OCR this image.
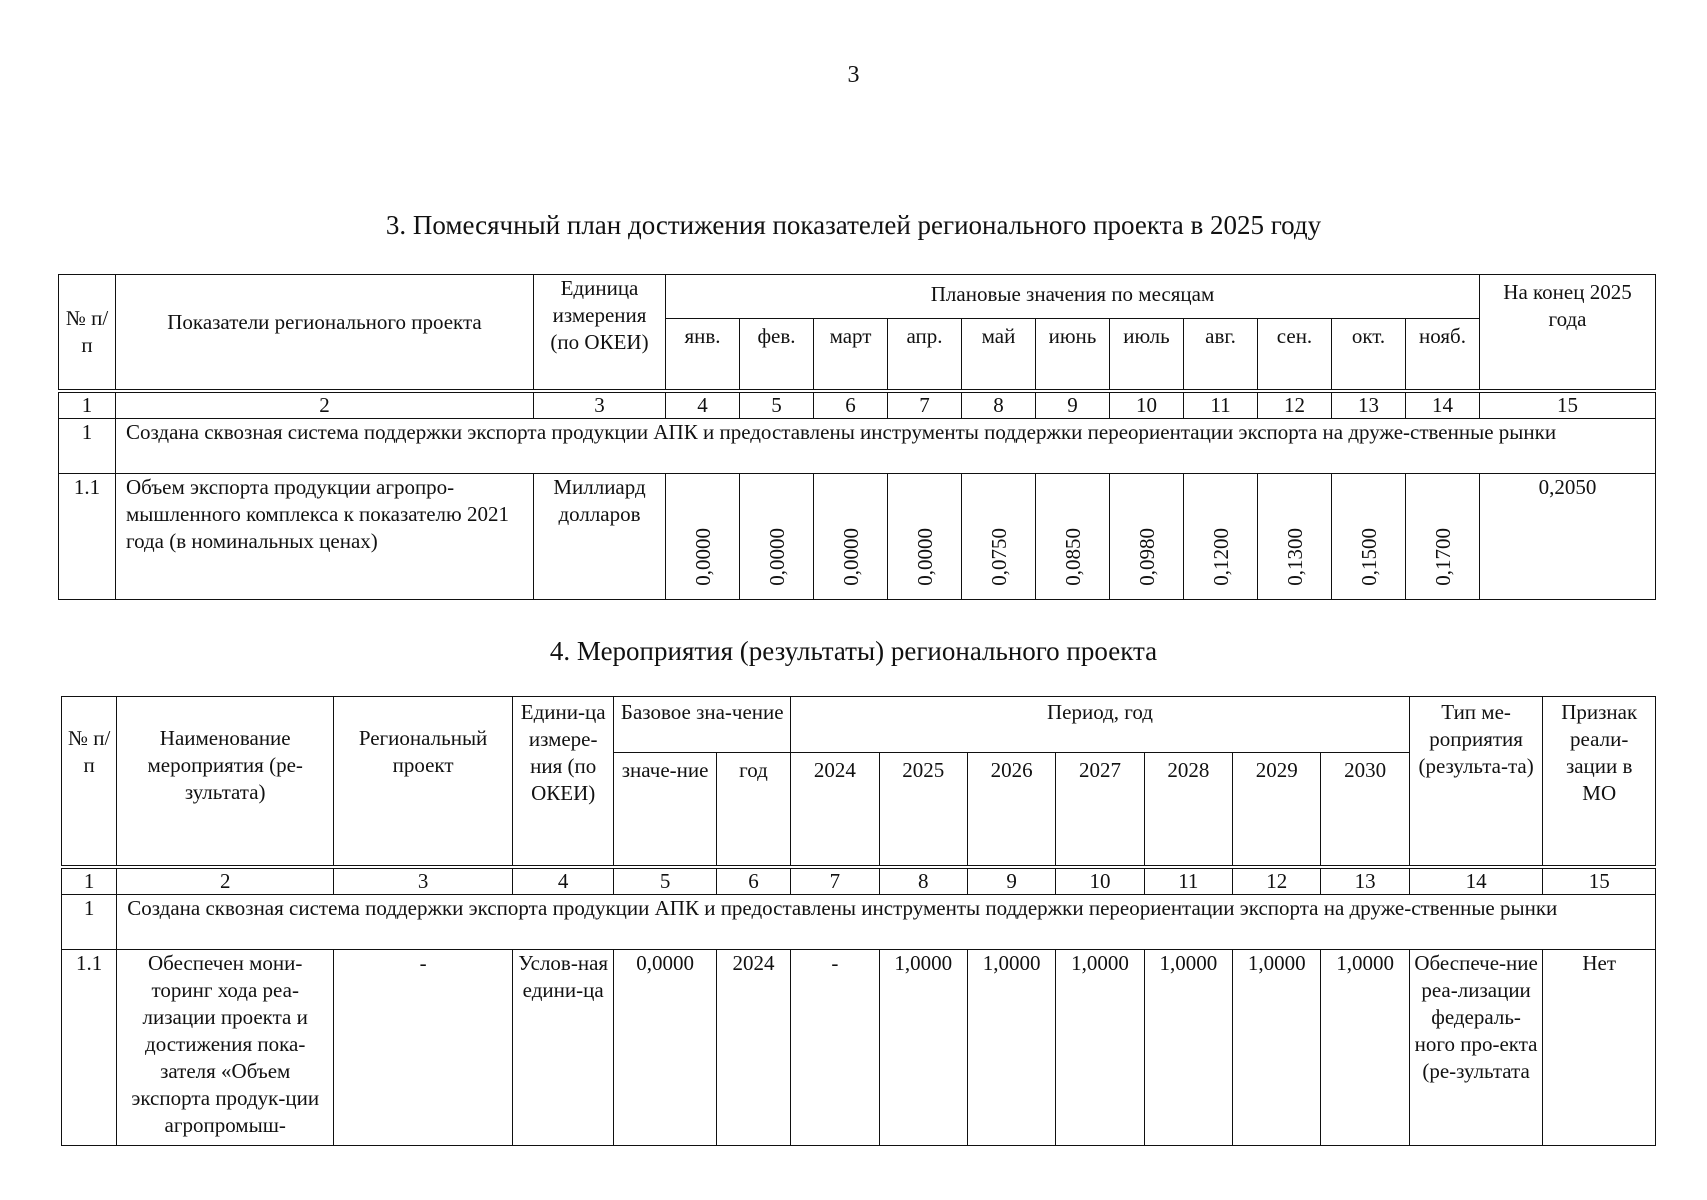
3
3. Помесячный план достижения показателей регионального проекта в 2025 году
№ п/п	Показатели регионального проекта	Единица измерения (по ОКЕИ)	Плановые значения по месяцам											На конец 2025 года
			янв.	фев.	март	апр.	май	июнь	июль	авг.	сен.	окт.	нояб.	
1	2	3	4	5	6	7	8	9	10	11	12	13	14	15
1	Создана сквозная система поддержки экспорта продукции АПК и предоставлены инструменты поддержки переориентации экспорта на друже-ственные рынки													
1.1	Объем экспорта продукции агропро-мышленного комплекса к показателю 2021 года (в номинальных ценах)	Миллиард долларов	0,0000	0,0000	0,0000	0,0000	0,0750	0,0850	0,0980	0,1200	0,1300	0,1500	0,1700	0,2050
4. Мероприятия (результаты) регионального проекта
№ п/п	Наименование мероприятия (ре-зультата)	Региональный проект	Едини-ца измере-ния (по ОКЕИ)	Базовое зна-чение		Период, год							Тип ме-роприятия (результа-та)	Признак реали-зации в МО
				значе-ние	год	2024	2025	2026	2027	2028	2029	2030		
1	2	3	4	5	6	7	8	9	10	11	12	13	14	15
1	Создана сквозная система поддержки экспорта продукции АПК и предоставлены инструменты поддержки переориентации экспорта на друже-ственные рынки													
1.1	Обеспечен мони-торинг хода реа-лизации проекта и достижения пока-зателя «Объем экспорта продук-ции агропромыш-	-	Услов-ная едини-ца	0,0000	2024	-	1,0000	1,0000	1,0000	1,0000	1,0000	1,0000	Обеспече-ние реа-лизации федераль-ного про-екта (ре-зультата	Нет
